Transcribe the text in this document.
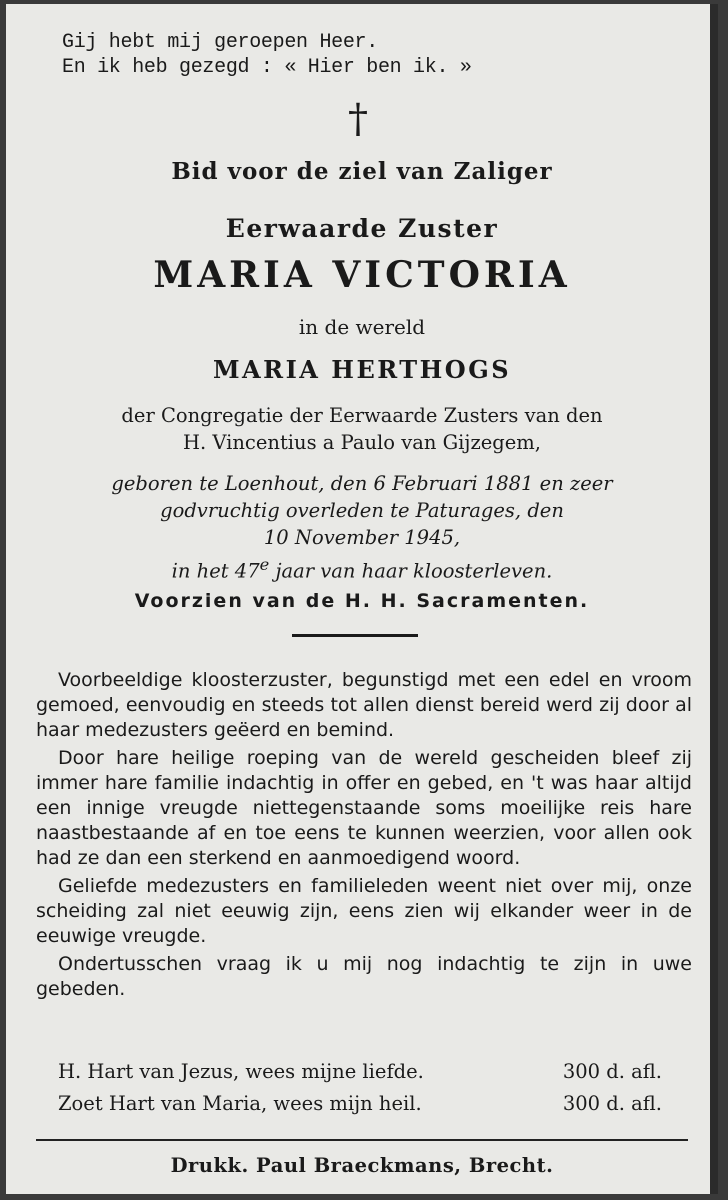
Gij hebt mij geroepen Heer.
En ik heb gezegd : « Hier ben ik. »
†
Bid voor de ziel van Zaliger
Eerwaarde Zuster
MARIA VICTORIA
in de wereld
MARIA HERTHOGS
der Congregatie der Eerwaarde Zusters van den
H. Vincentius a Paulo van Gijzegem,
geboren te Loenhout, den 6 Februari 1881 en zeer
godvruchtig overleden te Paturages, den
10 November 1945,
in het 47e jaar van haar kloosterleven.
Voorzien van de H. H. Sacramenten.

Voorbeeldige kloosterzuster, begunstigd met een edel en vroom gemoed, eenvoudig en steeds tot allen dienst bereid werd zij door al haar medezusters geëerd en bemind.

Door hare heilige roeping van de wereld gescheiden bleef zij immer hare familie indachtig in offer en gebed, en 't was haar altijd een innige vreugde niettegenstaande soms moeilijke reis hare naastbestaande af en toe eens te kunnen weerzien, voor allen ook had ze dan een sterkend en aanmoedigend woord.

Geliefde medezusters en familieleden weent niet over mij, onze scheiding zal niet eeuwig zijn, eens zien wij elkander weer in de eeuwige vreugde.

Ondertusschen vraag ik u mij nog indachtig te zijn in uwe gebeden.

H. Hart van Jezus, wees mijne liefde.	300 d. afl.
Zoet Hart van Maria, wees mijn heil.	300 d. afl.
Drukk. Paul Braeckmans, Brecht.
